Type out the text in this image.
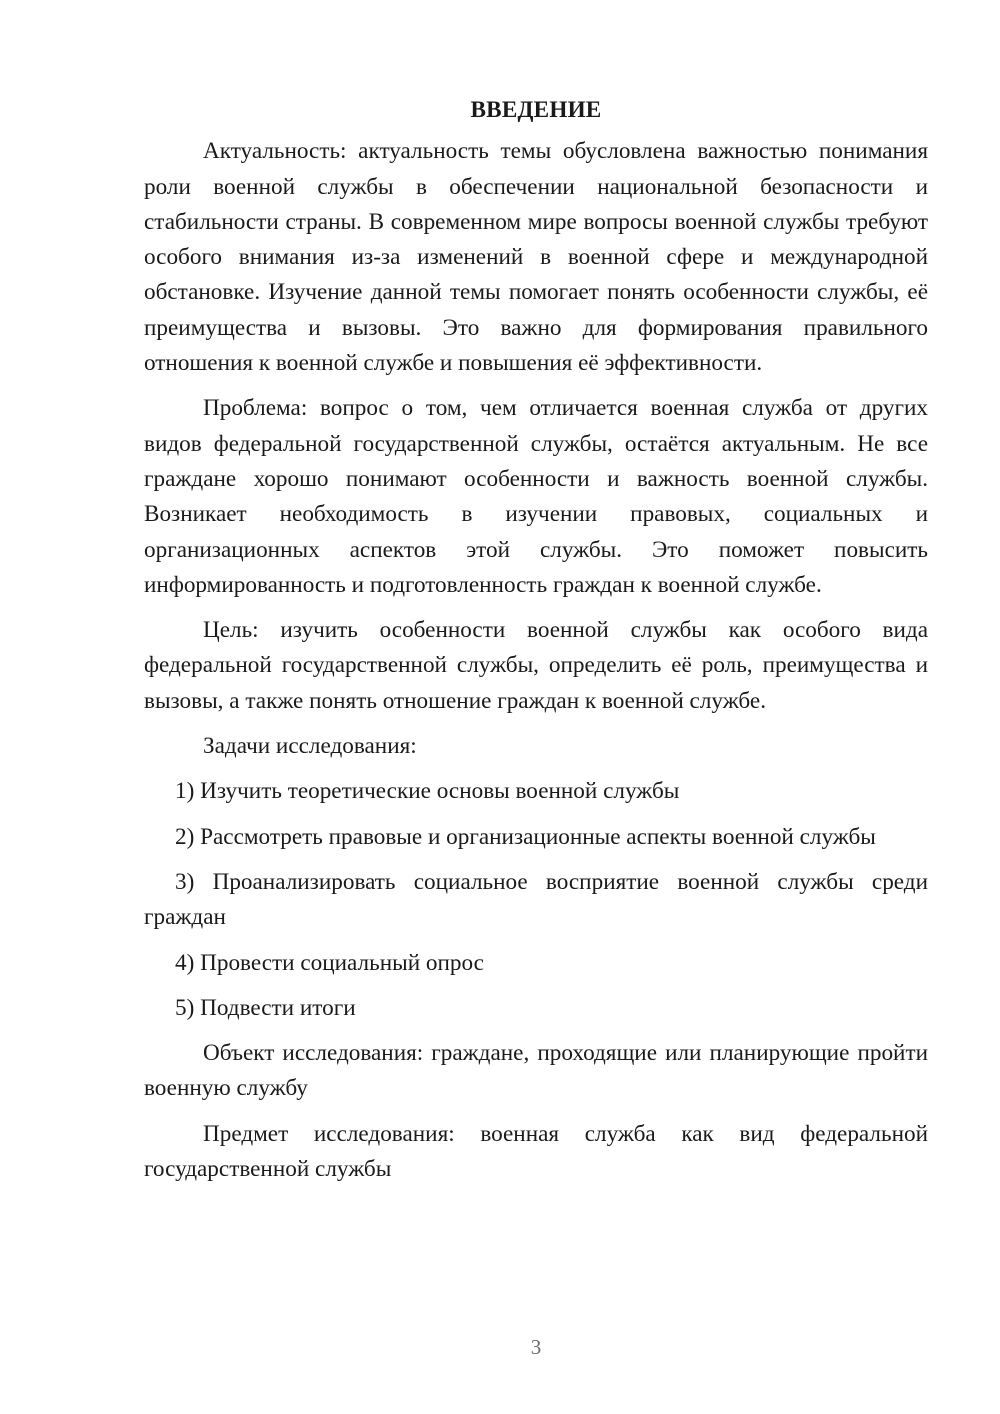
ВВЕДЕНИЕ

Актуальность: актуальность темы обусловлена важностью понимания роли военной службы в обеспечении национальной безопасности и стабильности страны. В современном мире вопросы военной службы требуют особого внимания из-за изменений в военной сфере и международной обстановке. Изучение данной темы помогает понять особенности службы, её преимущества и вызовы. Это важно для формирования правильного отношения к военной службе и повышения её эффективности.

Проблема: вопрос о том, чем отличается военная служба от других видов федеральной государственной службы, остаётся актуальным. Не все граждане хорошо понимают особенности и важность военной службы. Возникает необходимость в изучении правовых, социальных и организационных аспектов этой службы. Это поможет повысить информированность и подготовленность граждан к военной службе.

Цель: изучить особенности военной службы как особого вида федеральной государственной службы, определить её роль, преимущества и вызовы, а также понять отношение граждан к военной службе.

Задачи исследования:

1) Изучить теоретические основы военной службы

2) Рассмотреть правовые и организационные аспекты военной службы

3) Проанализировать социальное восприятие военной службы среди граждан

4) Провести социальный опрос

5) Подвести итоги

Объект исследования: граждане, проходящие или планирующие пройти военную службу

Предмет исследования: военная служба как вид федеральной государственной службы

3
